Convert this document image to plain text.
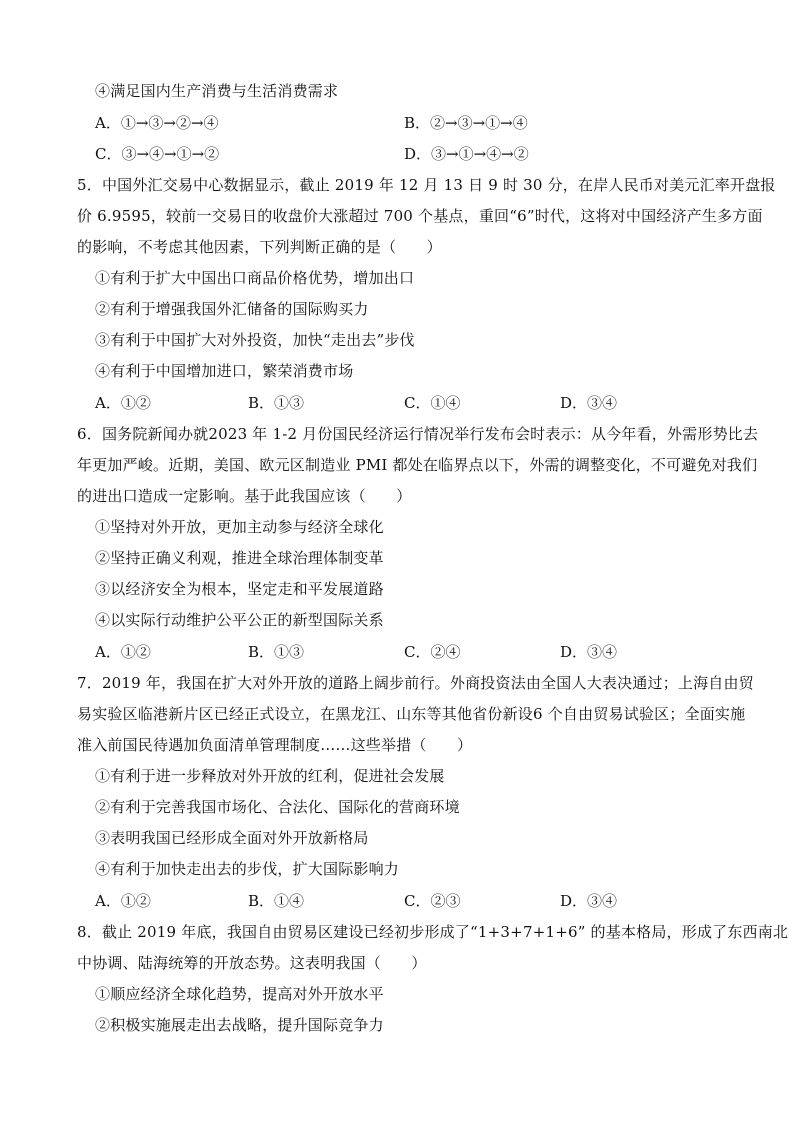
④满足国内生产消费与生活消费需求
A．①→③→②→④	B．②→③→①→④
C．③→④→①→②	D．③→①→④→②
5．中国外汇交易中心数据显示，截止 2019 年 12 月 13 日 9 时 30 分，在岸人民币对美元汇率开盘报
价 6.9595，较前一交易日的收盘价大涨超过 700 个基点，重回“6”时代，这将对中国经济产生多方面
的影响，不考虑其他因素，下列判断正确的是（　　）
①有利于扩大中国出口商品价格优势，增加出口
②有利于增强我国外汇储备的国际购买力
③有利于中国扩大对外投资，加快“走出去”步伐
④有利于中国增加进口，繁荣消费市场
A．①②	B．①③	C．①④	D．③④
6．国务院新闻办就2023 年 1-2 月份国民经济运行情况举行发布会时表示：从今年看，外需形势比去
年更加严峻。近期，美国、欧元区制造业 PMI 都处在临界点以下，外需的调整变化，不可避免对我们
的进出口造成一定影响。基于此我国应该（　　）
①坚持对外开放，更加主动参与经济全球化
②坚持正确义利观，推进全球治理体制变革
③以经济安全为根本，坚定走和平发展道路
④以实际行动维护公平公正的新型国际关系
A．①②	B．①③	C．②④	D．③④
7．2019 年，我国在扩大对外开放的道路上阔步前行。外商投资法由全国人大表决通过；上海自由贸
易实验区临港新片区已经正式设立，在黑龙江、山东等其他省份新设6 个自由贸易试验区；全面实施
准入前国民待遇加负面清单管理制度……这些举措（　　）
①有利于进一步释放对外开放的红利，促进社会发展
②有利于完善我国市场化、合法化、国际化的营商环境
③表明我国已经形成全面对外开放新格局
④有利于加快走出去的步伐，扩大国际影响力
A．①②	B．①④	C．②③	D．③④
8．截止 2019 年底，我国自由贸易区建设已经初步形成了“1+3+7+1+6” 的基本格局，形成了东西南北
中协调、陆海统筹的开放态势。这表明我国（　　）
①顺应经济全球化趋势，提高对外开放水平
②积极实施展走出去战略，提升国际竞争力
